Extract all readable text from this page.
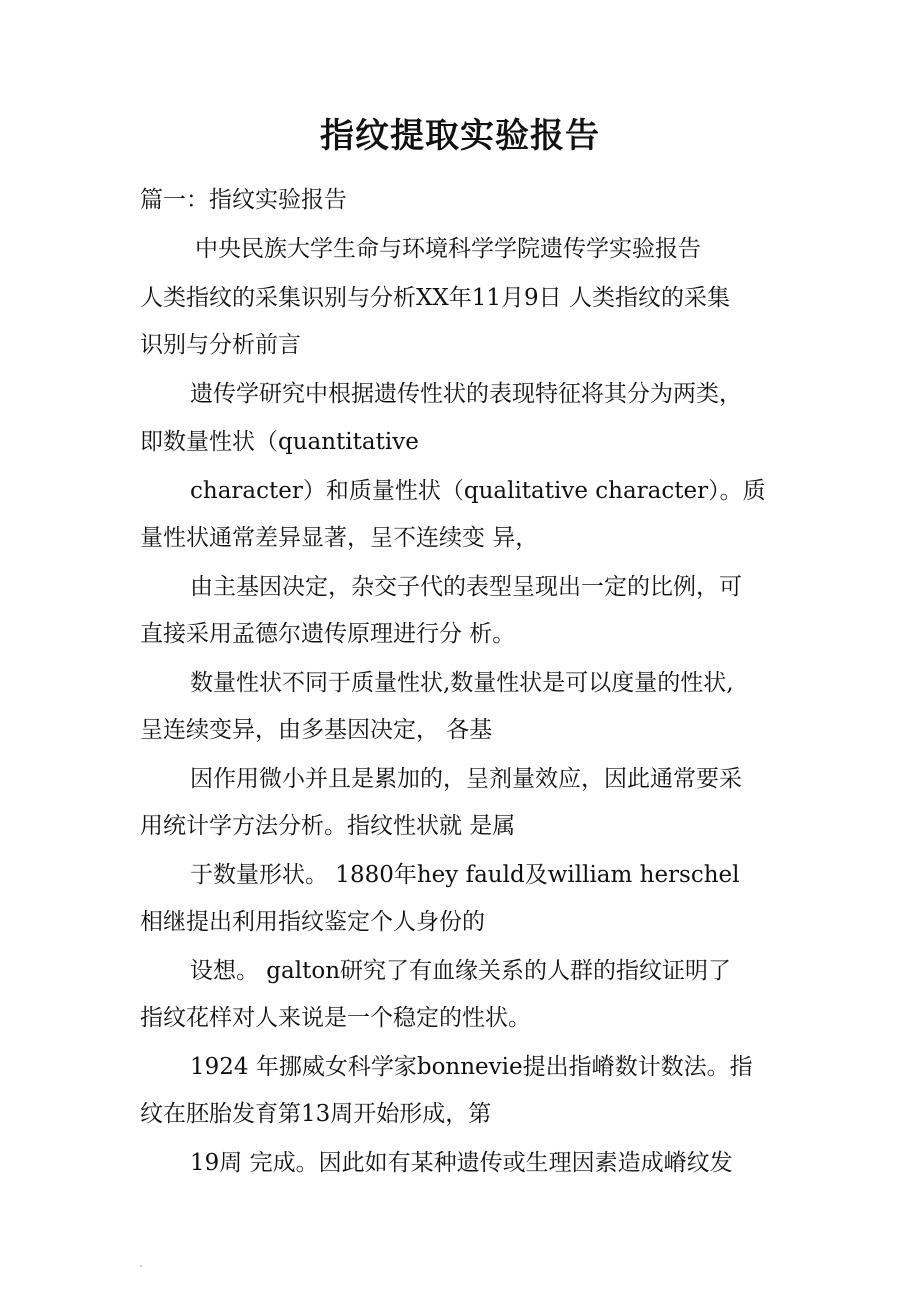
指纹提取实验报告

篇一：指纹实验报告

中央民族大学生命与环境科学学院遗传学实验报告

人类指纹的采集识别与分析XX年11月9日 人类指纹的采集

识别与分析前言

遗传学研究中根据遗传性状的表现特征将其分为两类，

即数量性状（quantitative

character）和质量性状（qualitative character）。质

量性状通常差异显著，呈不连续变 异，

由主基因决定，杂交子代的表型呈现出一定的比例，可

直接采用孟德尔遗传原理进行分 析。

数量性状不同于质量性状,数量性状是可以度量的性状,

呈连续变异，由多基因决定， 各基

因作用微小并且是累加的，呈剂量效应，因此通常要采

用统计学方法分析。指纹性状就 是属

于数量形状。 1880年hey fauld及william herschel

相继提出利用指纹鉴定个人身份的

设想。 galton研究了有血缘关系的人群的指纹证明了

指纹花样对人来说是一个稳定的性状。

1924 年挪威女科学家bonnevie提出指嵴数计数法。指

纹在胚胎发育第13周开始形成，第

19周 完成。因此如有某种遗传或生理因素造成嵴纹发
